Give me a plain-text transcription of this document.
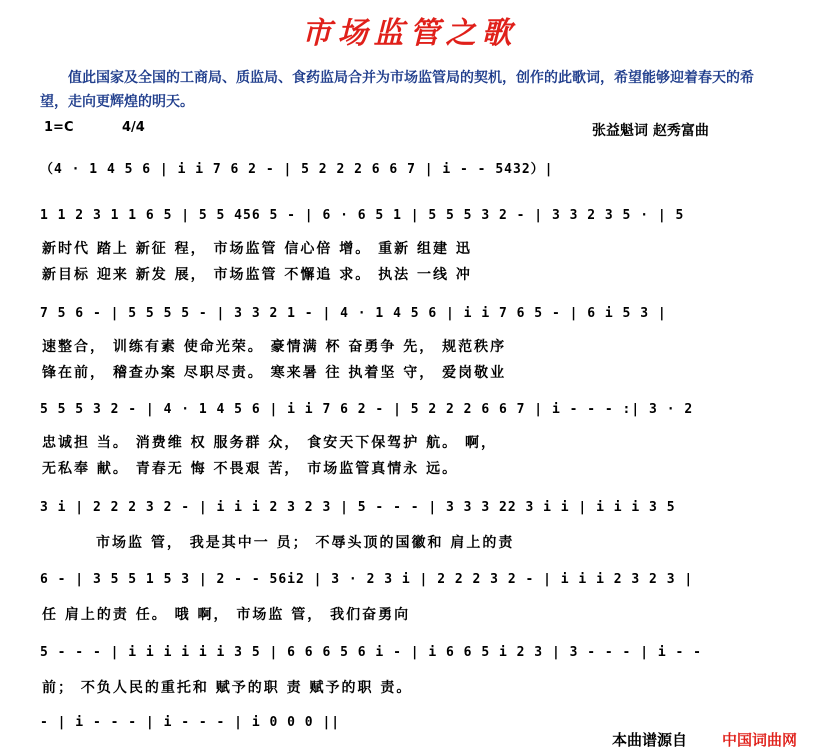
市场监管之歌
值此国家及全国的工商局、质监局、食药监局合并为市场监管局的契机，创作的此歌词，希望能够迎着春天的希望，走向更辉煌的明天。
1=C	4/4	张益魁词 赵秀富曲
（4 · 1 4 5 6 | i i 7 6 2 - | 5 2 2 2 6 6 7 | i - - 5432）|
1 1 2 3 1 1 6 5 | 5 5 456 5 - | 6 · 6 5 1 | 5 5 5 3 2 - | 3 3 2 3 5 · | 5
新时代 踏上 新征 程， 市场监管 信心倍 增。 重新 组建 迅
新目标 迎来 新发 展， 市场监管 不懈追 求。 执法 一线 冲
7 5 6 - | 5 5 5 5 - | 3 3 2 1 - | 4 · 1 4 5 6 | i i 7 6 5 - | 6 i 5 3 |
速整合， 训练有素 使命光荣。 豪情满 杯 奋勇争 先， 规范秩序
锋在前， 稽查办案 尽职尽责。 寒来暑 往 执着坚 守， 爱岗敬业
5 5 5 3 2 - | 4 · 1 4 5 6 | i i 7 6 2 - | 5 2 2 2 6 6 7 | i - - - :| 3 · 2
忠诚担 当。 消费维 权 服务群 众， 食安天下保驾护 航。 啊，
无私奉 献。 青春无 悔 不畏艰 苦， 市场监管真情永 远。
3 i | 2 2 2 3 2 - | i i i 2 3 2 3 | 5 - - - | 3 3 3 22 3 i i | i i i 3 5
市场监 管， 我是其中一 员； 不辱头顶的国徽和 肩上的责
6 - | 3 5 5 1 5 3 | 2 - - 56i2 | 3 · 2 3 i | 2 2 2 3 2 - | i i i 2 3 2 3 |
任 肩上的责 任。 哦 啊， 市场监 管， 我们奋勇向
5 - - - | i i i i i i 3 5 | 6 6 6 5 6 i - | i 6 6 5 i 2 3 | 3 - - - | i - -
前； 不负人民的重托和 赋予的职 责 赋予的职 责。
- | i - - - | i - - - | i 0 0 0 ||
本曲谱源自 中国词曲网
